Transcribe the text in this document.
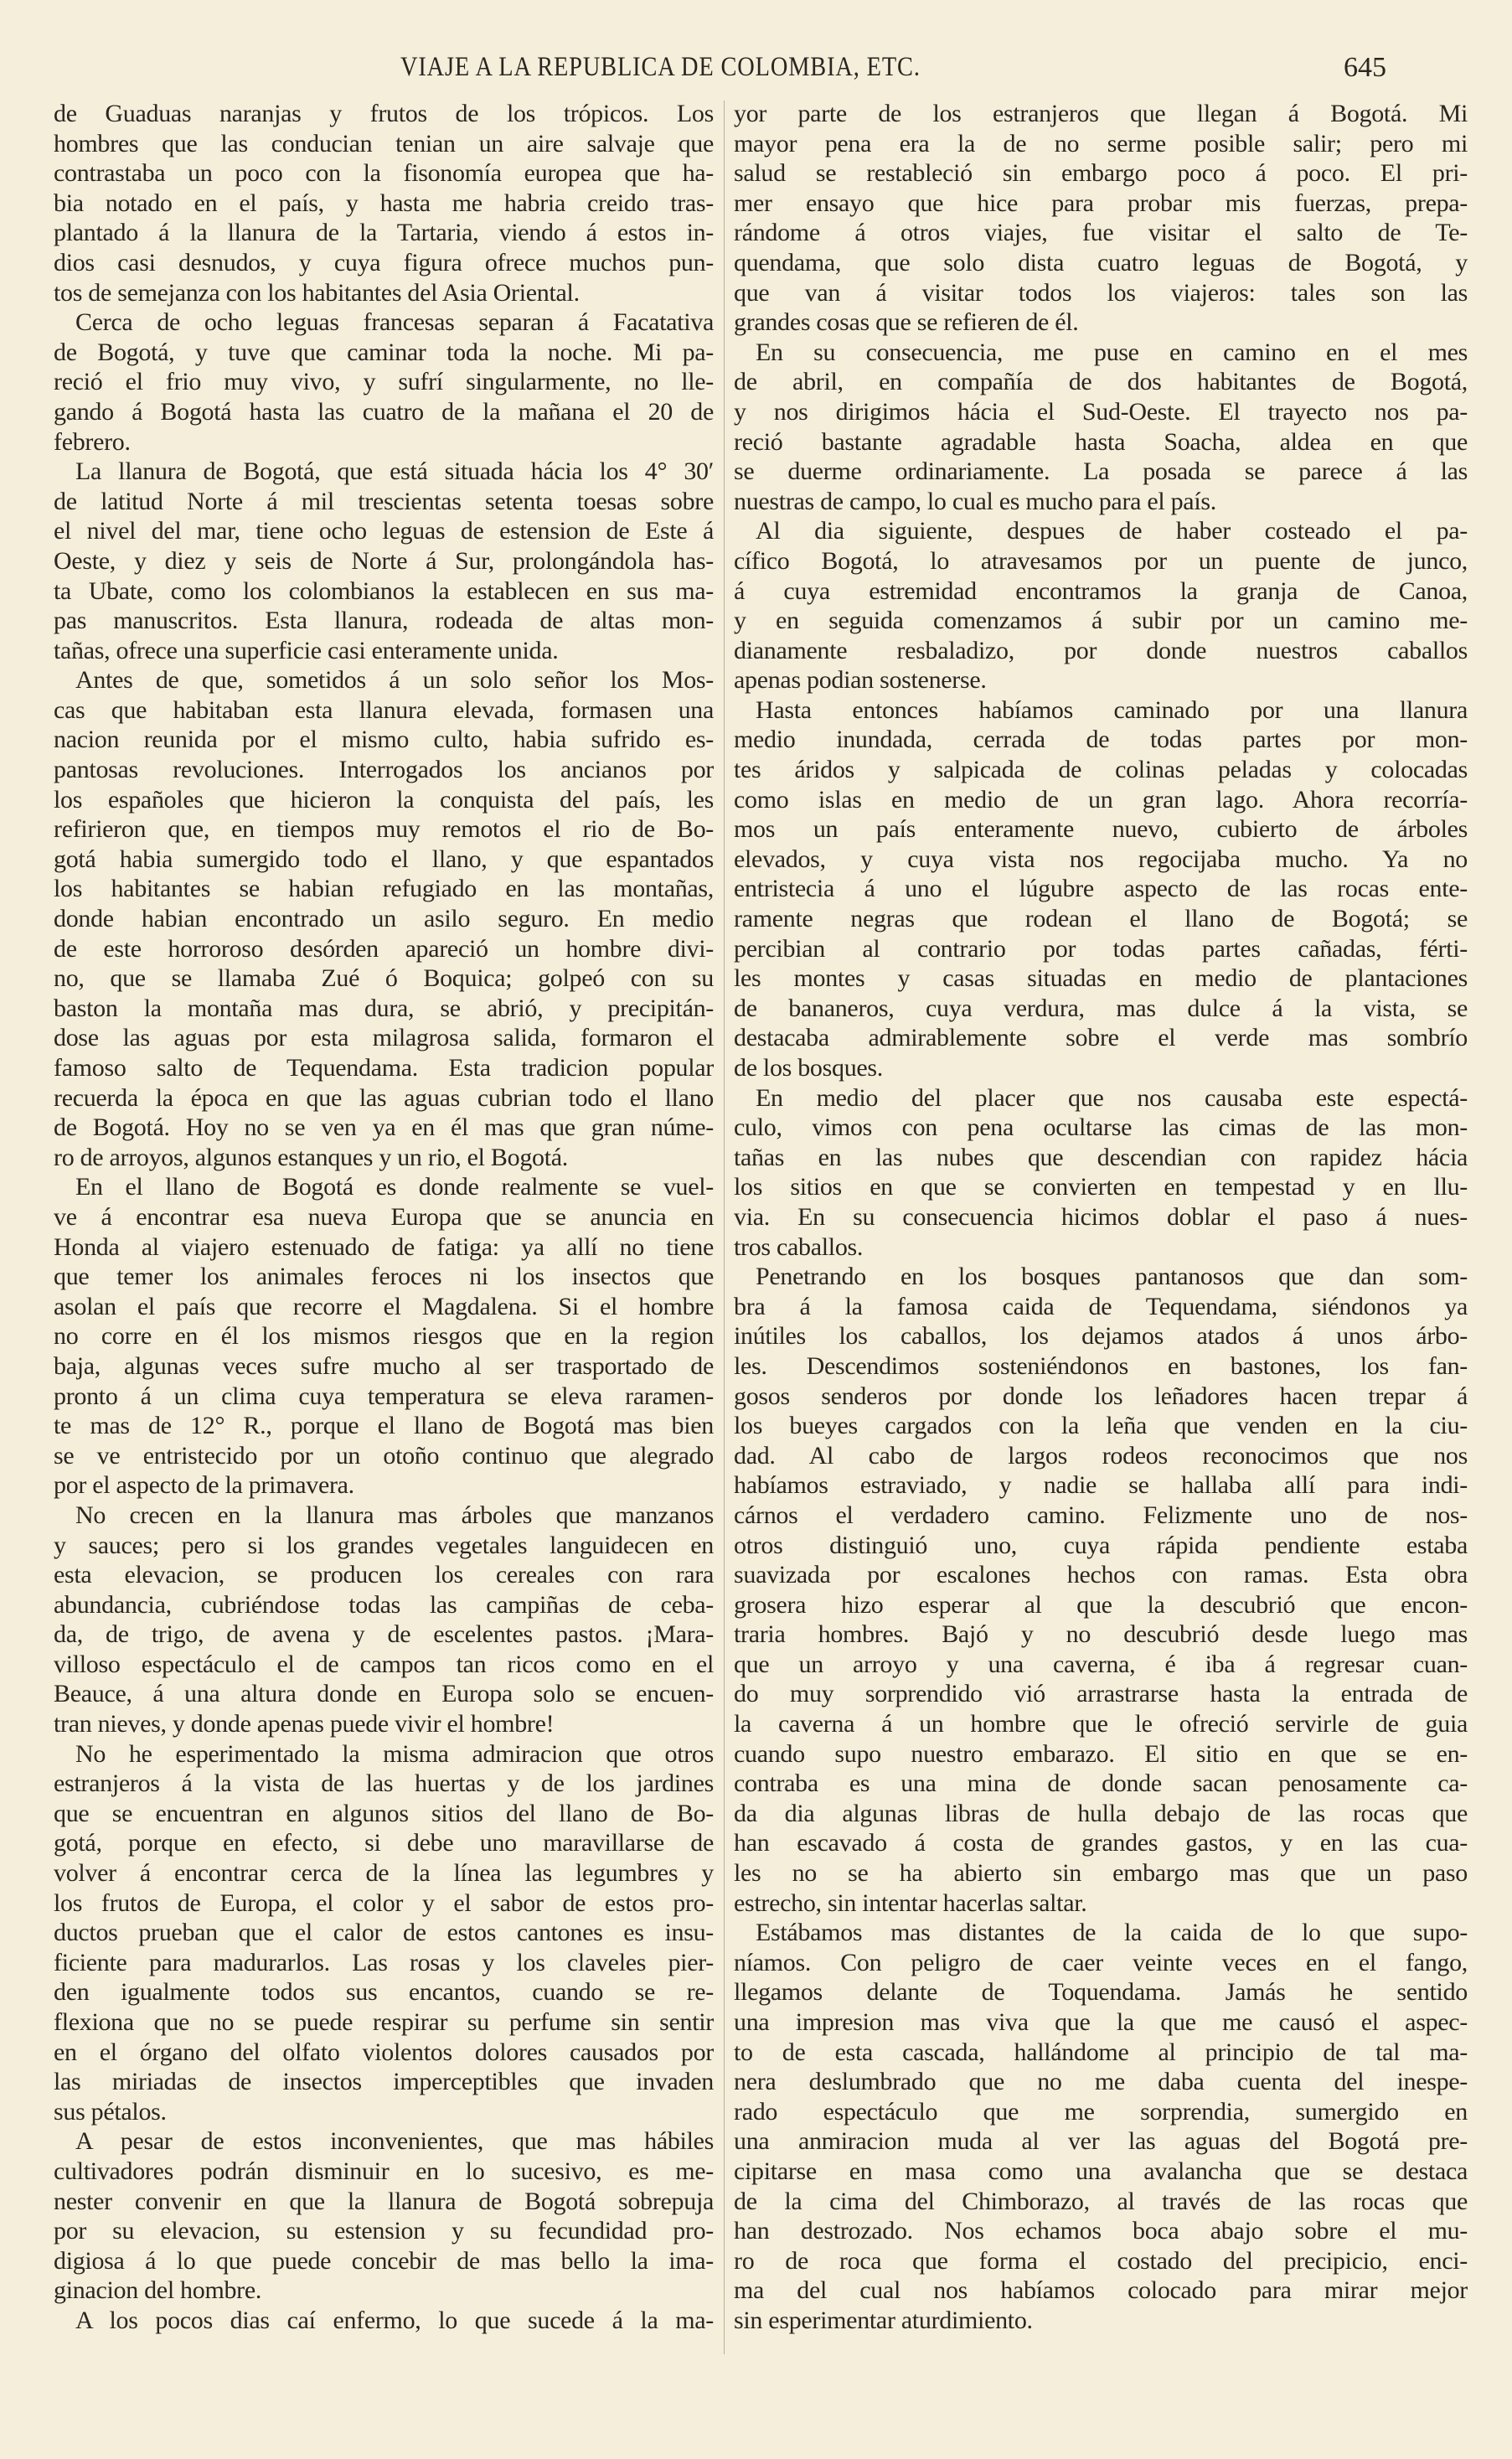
VIAJE A LA REPUBLICA DE COLOMBIA, ETC.	645
de Guaduas naranjas y frutos de los trópicos. Los
hombres que las conducian tenian un aire salvaje que
contrastaba un poco con la fisonomía europea que ha-
bia notado en el país, y hasta me habria creido tras-
plantado á la llanura de la Tartaria, viendo á estos in-
dios casi desnudos, y cuya figura ofrece muchos pun-
tos de semejanza con los habitantes del Asia Oriental.
Cerca de ocho leguas francesas separan á Facatativa
de Bogotá, y tuve que caminar toda la noche. Mi pa-
reció el frio muy vivo, y sufrí singularmente, no lle-
gando á Bogotá hasta las cuatro de la mañana el 20 de
febrero.
La llanura de Bogotá, que está situada hácia los 4° 30′
de latitud Norte á mil trescientas setenta toesas sobre
el nivel del mar, tiene ocho leguas de estension de Este á
Oeste, y diez y seis de Norte á Sur, prolongándola has-
ta Ubate, como los colombianos la establecen en sus ma-
pas manuscritos. Esta llanura, rodeada de altas mon-
tañas, ofrece una superficie casi enteramente unida.
Antes de que, sometidos á un solo señor los Mos-
cas que habitaban esta llanura elevada, formasen una
nacion reunida por el mismo culto, habia sufrido es-
pantosas revoluciones. Interrogados los ancianos por
los españoles que hicieron la conquista del país, les
refirieron que, en tiempos muy remotos el rio de Bo-
gotá habia sumergido todo el llano, y que espantados
los habitantes se habian refugiado en las montañas,
donde habian encontrado un asilo seguro. En medio
de este horroroso desórden apareció un hombre divi-
no, que se llamaba Zué ó Boquica; golpeó con su
baston la montaña mas dura, se abrió, y precipitán-
dose las aguas por esta milagrosa salida, formaron el
famoso salto de Tequendama. Esta tradicion popular
recuerda la época en que las aguas cubrian todo el llano
de Bogotá. Hoy no se ven ya en él mas que gran núme-
ro de arroyos, algunos estanques y un rio, el Bogotá.
En el llano de Bogotá es donde realmente se vuel-
ve á encontrar esa nueva Europa que se anuncia en
Honda al viajero estenuado de fatiga: ya allí no tiene
que temer los animales feroces ni los insectos que
asolan el país que recorre el Magdalena. Si el hombre
no corre en él los mismos riesgos que en la region
baja, algunas veces sufre mucho al ser trasportado de
pronto á un clima cuya temperatura se eleva raramen-
te mas de 12° R., porque el llano de Bogotá mas bien
se ve entristecido por un otoño continuo que alegrado
por el aspecto de la primavera.
No crecen en la llanura mas árboles que manzanos
y sauces; pero si los grandes vegetales languidecen en
esta elevacion, se producen los cereales con rara
abundancia, cubriéndose todas las campiñas de ceba-
da, de trigo, de avena y de escelentes pastos. ¡Mara-
villoso espectáculo el de campos tan ricos como en el
Beauce, á una altura donde en Europa solo se encuen-
tran nieves, y donde apenas puede vivir el hombre!
No he esperimentado la misma admiracion que otros
estranjeros á la vista de las huertas y de los jardines
que se encuentran en algunos sitios del llano de Bo-
gotá, porque en efecto, si debe uno maravillarse de
volver á encontrar cerca de la línea las legumbres y
los frutos de Europa, el color y el sabor de estos pro-
ductos prueban que el calor de estos cantones es insu-
ficiente para madurarlos. Las rosas y los claveles pier-
den igualmente todos sus encantos, cuando se re-
flexiona que no se puede respirar su perfume sin sentir
en el órgano del olfato violentos dolores causados por
las miriadas de insectos imperceptibles que invaden
sus pétalos.
A pesar de estos inconvenientes, que mas hábiles
cultivadores podrán disminuir en lo sucesivo, es me-
nester convenir en que la llanura de Bogotá sobrepuja
por su elevacion, su estension y su fecundidad pro-
digiosa á lo que puede concebir de mas bello la ima-
ginacion del hombre.
A los pocos dias caí enfermo, lo que sucede á la ma-
yor parte de los estranjeros que llegan á Bogotá. Mi
mayor pena era la de no serme posible salir; pero mi
salud se restableció sin embargo poco á poco. El pri-
mer ensayo que hice para probar mis fuerzas, prepa-
rándome á otros viajes, fue visitar el salto de Te-
quendama, que solo dista cuatro leguas de Bogotá, y
que van á visitar todos los viajeros: tales son las
grandes cosas que se refieren de él.
En su consecuencia, me puse en camino en el mes
de abril, en compañía de dos habitantes de Bogotá,
y nos dirigimos hácia el Sud-Oeste. El trayecto nos pa-
reció bastante agradable hasta Soacha, aldea en que
se duerme ordinariamente. La posada se parece á las
nuestras de campo, lo cual es mucho para el país.
Al dia siguiente, despues de haber costeado el pa-
cífico Bogotá, lo atravesamos por un puente de junco,
á cuya estremidad encontramos la granja de Canoa,
y en seguida comenzamos á subir por un camino me-
dianamente resbaladizo, por donde nuestros caballos
apenas podian sostenerse.
Hasta entonces habíamos caminado por una llanura
medio inundada, cerrada de todas partes por mon-
tes áridos y salpicada de colinas peladas y colocadas
como islas en medio de un gran lago. Ahora recorría-
mos un país enteramente nuevo, cubierto de árboles
elevados, y cuya vista nos regocijaba mucho. Ya no
entristecia á uno el lúgubre aspecto de las rocas ente-
ramente negras que rodean el llano de Bogotá; se
percibian al contrario por todas partes cañadas, férti-
les montes y casas situadas en medio de plantaciones
de bananeros, cuya verdura, mas dulce á la vista, se
destacaba admirablemente sobre el verde mas sombrío
de los bosques.
En medio del placer que nos causaba este espectá-
culo, vimos con pena ocultarse las cimas de las mon-
tañas en las nubes que descendian con rapidez hácia
los sitios en que se convierten en tempestad y en llu-
via. En su consecuencia hicimos doblar el paso á nues-
tros caballos.
Penetrando en los bosques pantanosos que dan som-
bra á la famosa caida de Tequendama, siéndonos ya
inútiles los caballos, los dejamos atados á unos árbo-
les. Descendimos sosteniéndonos en bastones, los fan-
gosos senderos por donde los leñadores hacen trepar á
los bueyes cargados con la leña que venden en la ciu-
dad. Al cabo de largos rodeos reconocimos que nos
habíamos estraviado, y nadie se hallaba allí para indi-
cárnos el verdadero camino. Felizmente uno de nos-
otros distinguió uno, cuya rápida pendiente estaba
suavizada por escalones hechos con ramas. Esta obra
grosera hizo esperar al que la descubrió que encon-
traria hombres. Bajó y no descubrió desde luego mas
que un arroyo y una caverna, é iba á regresar cuan-
do muy sorprendido vió arrastrarse hasta la entrada de
la caverna á un hombre que le ofreció servirle de guia
cuando supo nuestro embarazo. El sitio en que se en-
contraba es una mina de donde sacan penosamente ca-
da dia algunas libras de hulla debajo de las rocas que
han escavado á costa de grandes gastos, y en las cua-
les no se ha abierto sin embargo mas que un paso
estrecho, sin intentar hacerlas saltar.
Estábamos mas distantes de la caida de lo que supo-
níamos. Con peligro de caer veinte veces en el fango,
llegamos delante de Toquendama. Jamás he sentido
una impresion mas viva que la que me causó el aspec-
to de esta cascada, hallándome al principio de tal ma-
nera deslumbrado que no me daba cuenta del inespe-
rado espectáculo que me sorprendia, sumergido en
una anmiracion muda al ver las aguas del Bogotá pre-
cipitarse en masa como una avalancha que se destaca
de la cima del Chimborazo, al través de las rocas que
han destrozado. Nos echamos boca abajo sobre el mu-
ro de roca que forma el costado del precipicio, enci-
ma del cual nos habíamos colocado para mirar mejor
sin esperimentar aturdimiento.
